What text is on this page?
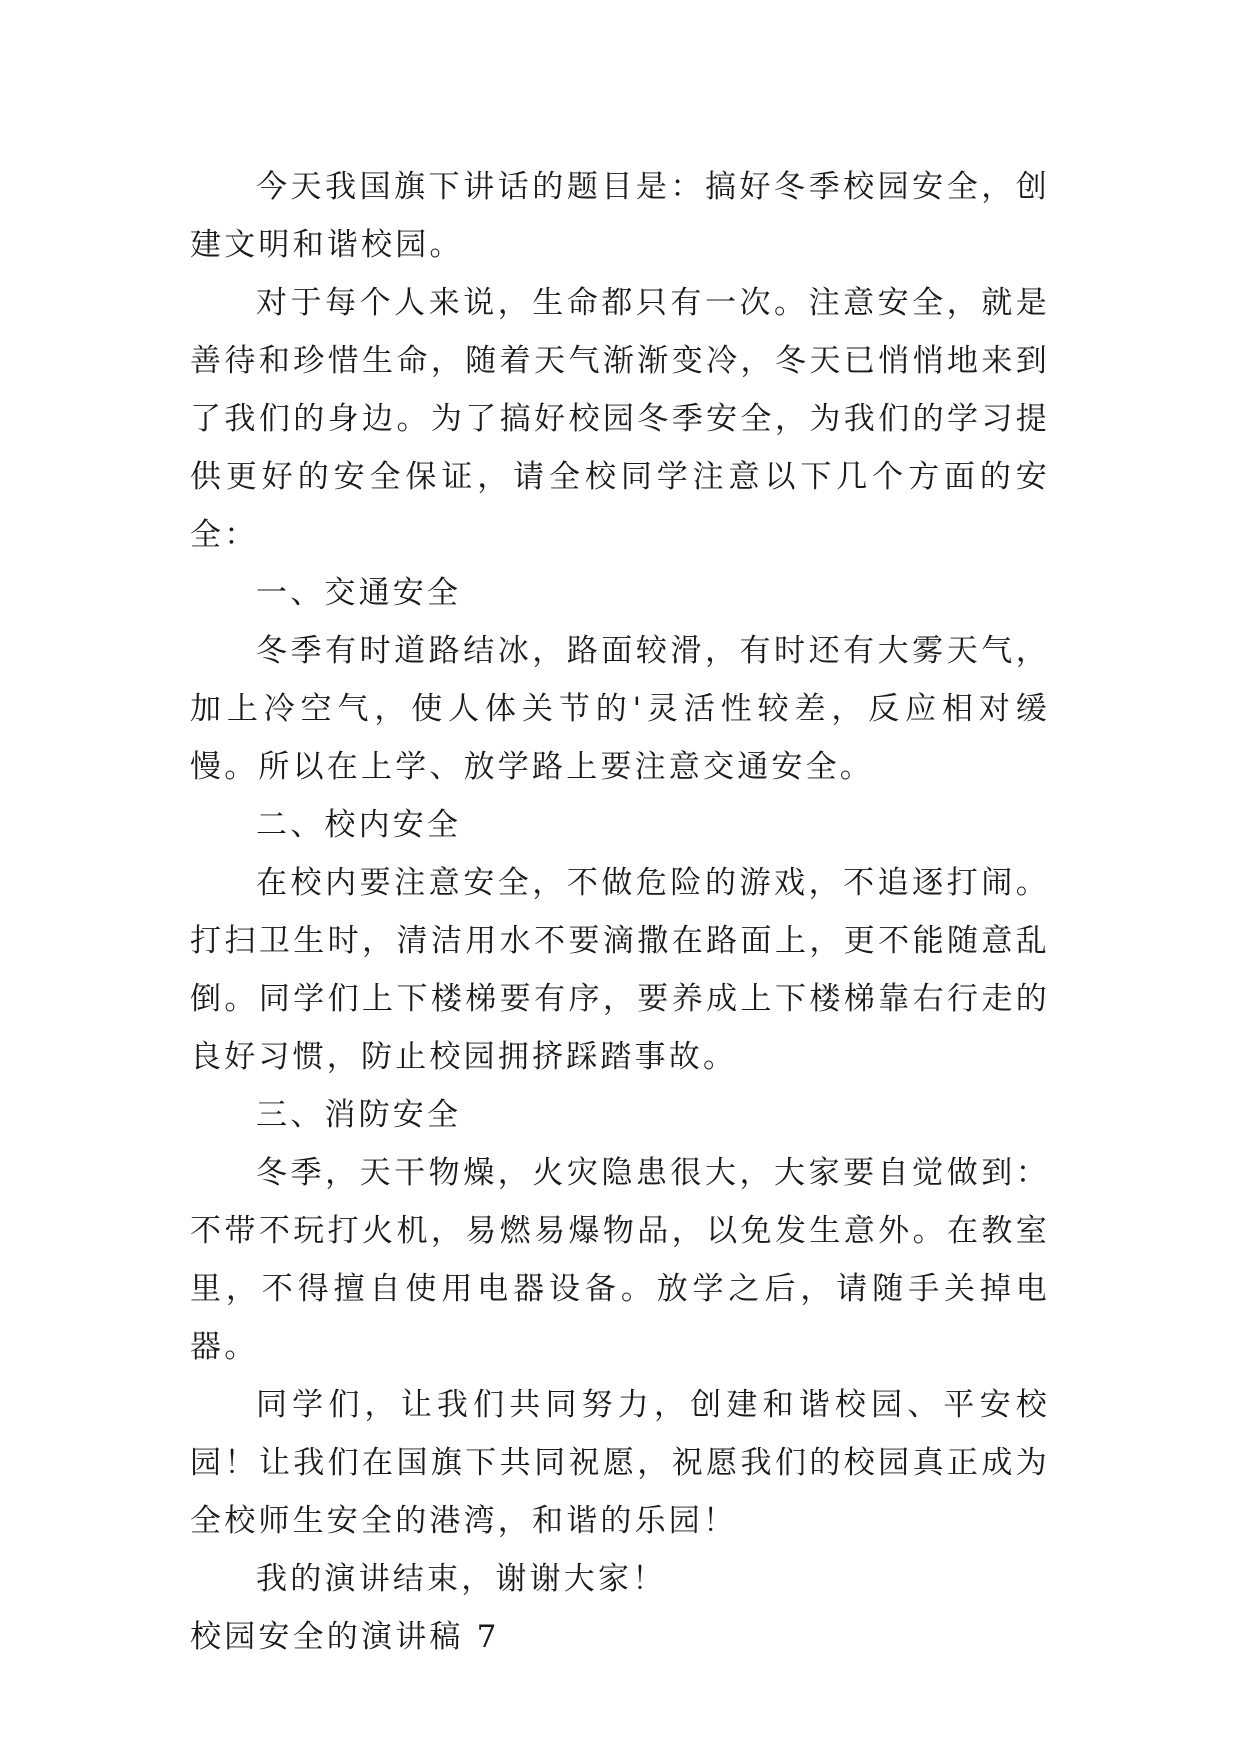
今天我国旗下讲话的题目是：搞好冬季校园安全，创建文明和谐校园。

对于每个人来说，生命都只有一次。注意安全，就是善待和珍惜生命，随着天气渐渐变冷，冬天已悄悄地来到了我们的身边。为了搞好校园冬季安全，为我们的学习提供更好的安全保证，请全校同学注意以下几个方面的安全：

一、交通安全

冬季有时道路结冰，路面较滑，有时还有大雾天气，加上冷空气，使人体关节的'灵活性较差，反应相对缓慢。所以在上学、放学路上要注意交通安全。

二、校内安全

在校内要注意安全，不做危险的游戏，不追逐打闹。打扫卫生时，清洁用水不要滴撒在路面上，更不能随意乱倒。同学们上下楼梯要有序，要养成上下楼梯靠右行走的良好习惯，防止校园拥挤踩踏事故。

三、消防安全

冬季，天干物燥，火灾隐患很大，大家要自觉做到：不带不玩打火机，易燃易爆物品，以免发生意外。在教室里，不得擅自使用电器设备。放学之后，请随手关掉电器。

同学们，让我们共同努力，创建和谐校园、平安校园！让我们在国旗下共同祝愿，祝愿我们的校园真正成为全校师生安全的港湾，和谐的乐园！

我的演讲结束，谢谢大家！

校园安全的演讲稿 7
